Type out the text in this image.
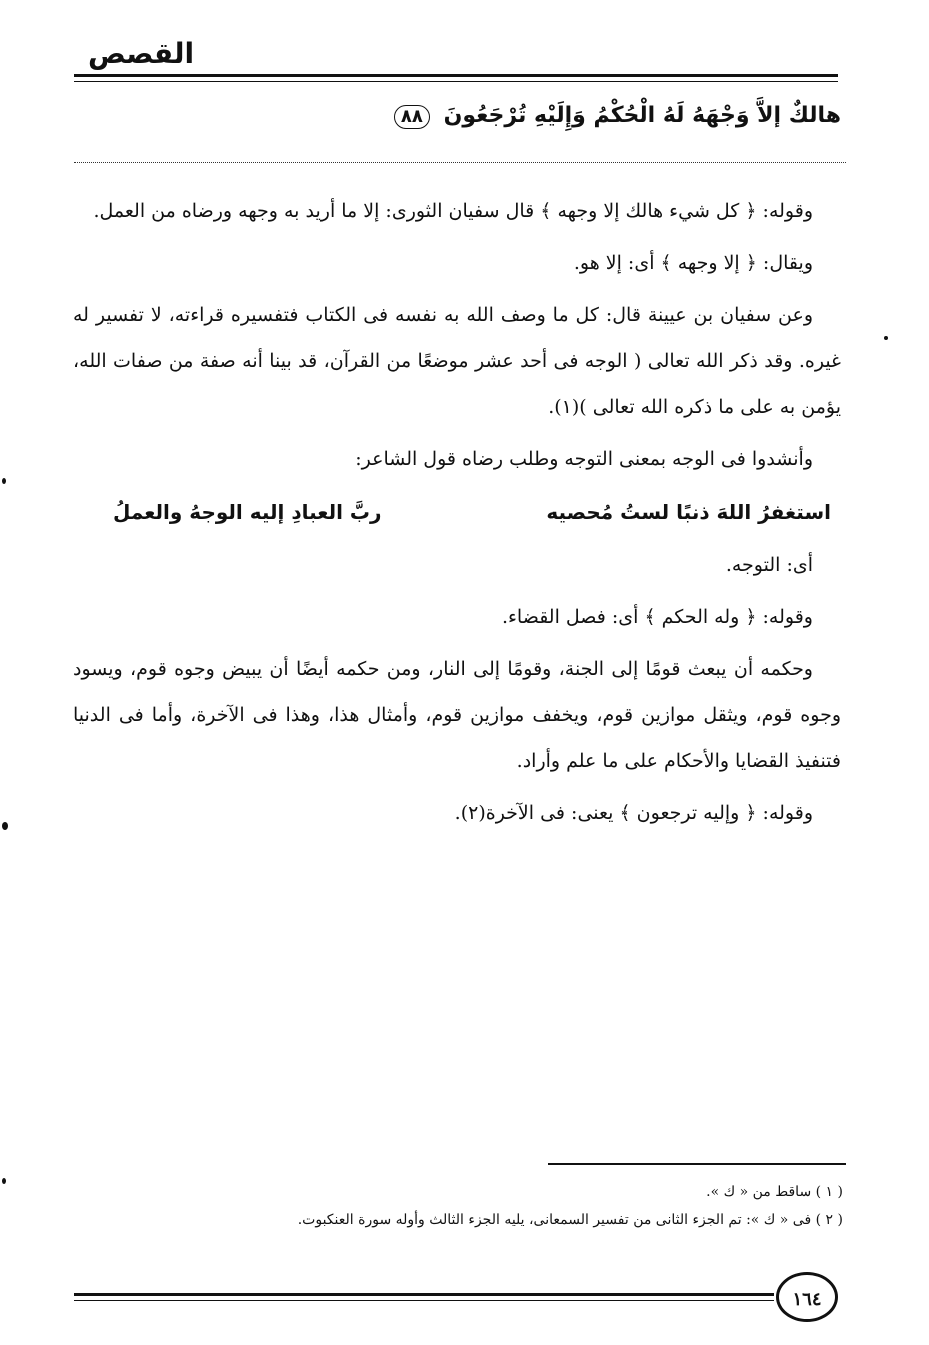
القصص
هالكٌ إلاَّ وَجْهَهُ لَهُ الْحُكْمُ وَإِلَيْهِ تُرْجَعُونَ ٨٨

وقوله: ﴿ كل شيء هالك إلا وجهه ﴾ قال سفيان الثورى: إلا ما أريد به وجهه ورضاه من العمل.

ويقال: ﴿ إلا وجهه ﴾ أى: إلا هو.

وعن سفيان بن عيينة قال: كل ما وصف الله به نفسه فى الكتاب فتفسيره قراءته، لا تفسير له غيره. وقد ذكر الله تعالى ( الوجه فى أحد عشر موضعًا من القرآن، قد بينا أنه صفة من صفات الله، يؤمن به على ما ذكره الله تعالى )(١).

وأنشدوا فى الوجه بمعنى التوجه وطلب رضاه قول الشاعر:

استغفرُ اللهَ ذنبًا لستُ مُحصيه
ربَّ العبادِ إليه الوجهُ والعملُ

أى: التوجه.

وقوله: ﴿ وله الحكم ﴾ أى: فصل القضاء.

وحكمه أن يبعث قومًا إلى الجنة، وقومًا إلى النار، ومن حكمه أيضًا أن يبيض وجوه قوم، ويسود وجوه قوم، ويثقل موازين قوم، ويخفف موازين قوم، وأمثال هذا، وهذا فى الآخرة، وأما فى الدنيا فتنفيذ القضايا والأحكام على ما علم وأراد.

وقوله: ﴿ وإليه ترجعون ﴾ يعنى: فى الآخرة(٢).

( ١ ) ساقط من « ك ».
( ٢ ) فى « ك »: تم الجزء الثانى من تفسير السمعانى، يليه الجزء الثالث وأوله سورة العنكبوت.
١٦٤
